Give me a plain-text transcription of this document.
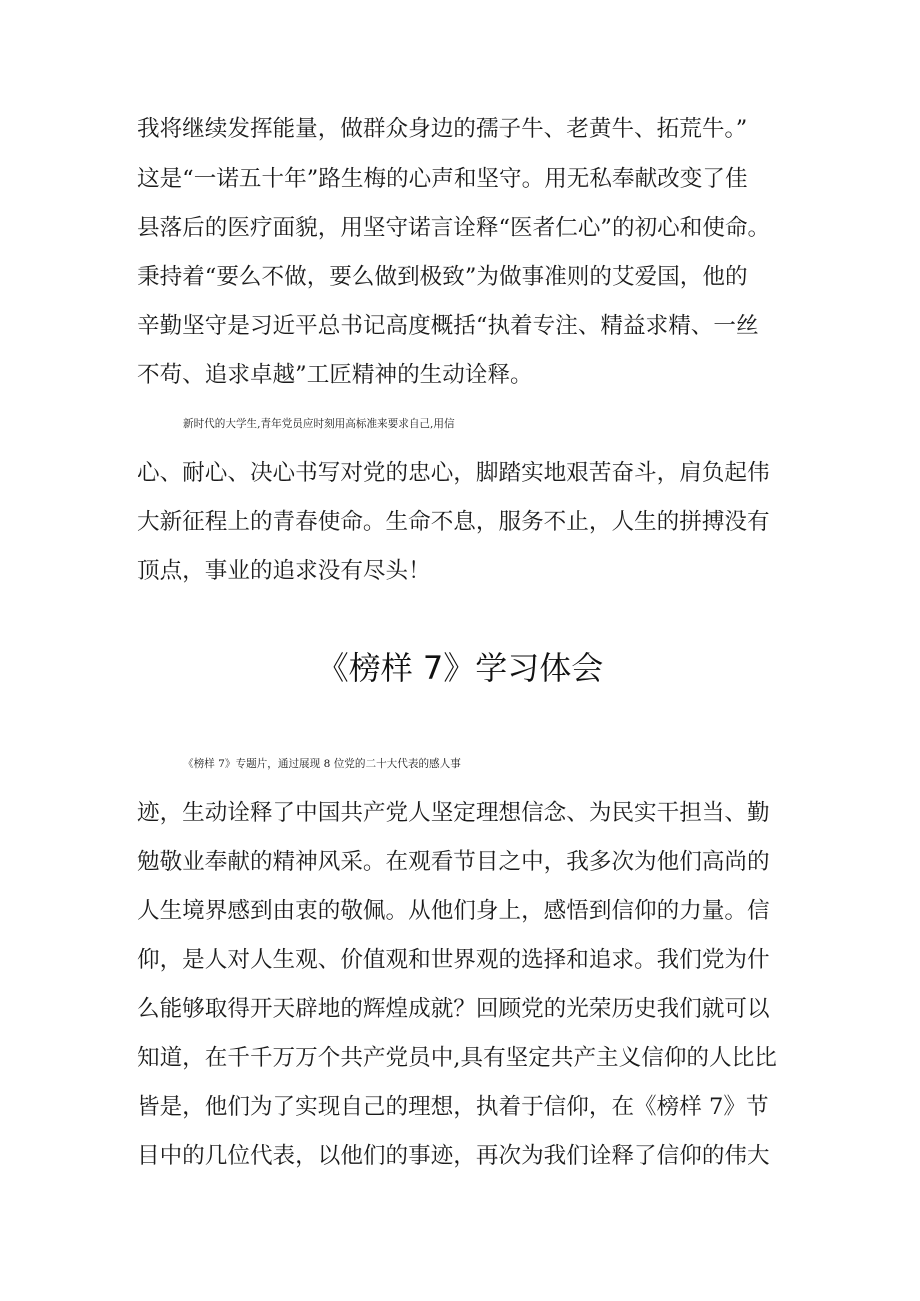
我将继续发挥能量，做群众身边的孺子牛、老黄牛、拓荒牛。”
这是“一诺五十年”路生梅的心声和坚守。用无私奉献改变了佳
县落后的医疗面貌，用坚守诺言诠释“医者仁心”的初心和使命。
秉持着“要么不做，要么做到极致”为做事准则的艾爱国，他的
辛勤坚守是习近平总书记高度概括“执着专注、精益求精、一丝
不苟、追求卓越”工匠精神的生动诠释。
新时代的大学生,青年党员应时刻用高标准来要求自己,用信
心、耐心、决心书写对党的忠心，脚踏实地艰苦奋斗，肩负起伟
大新征程上的青春使命。生命不息，服务不止，人生的拼搏没有
顶点，事业的追求没有尽头！
《榜样 7》学习体会
《榜样 7》专题片，通过展现 8 位党的二十大代表的感人事
迹，生动诠释了中国共产党人坚定理想信念、为民实干担当、勤
勉敬业奉献的精神风采。在观看节目之中，我多次为他们高尚的
人生境界感到由衷的敬佩。从他们身上，感悟到信仰的力量。信
仰，是人对人生观、价值观和世界观的选择和追求。我们党为什
么能够取得开天辟地的辉煌成就？回顾党的光荣历史我们就可以
知道，在千千万万个共产党员中,具有坚定共产主义信仰的人比比
皆是，他们为了实现自己的理想，执着于信仰，在《榜样 7》节
目中的几位代表，以他们的事迹，再次为我们诠释了信仰的伟大
